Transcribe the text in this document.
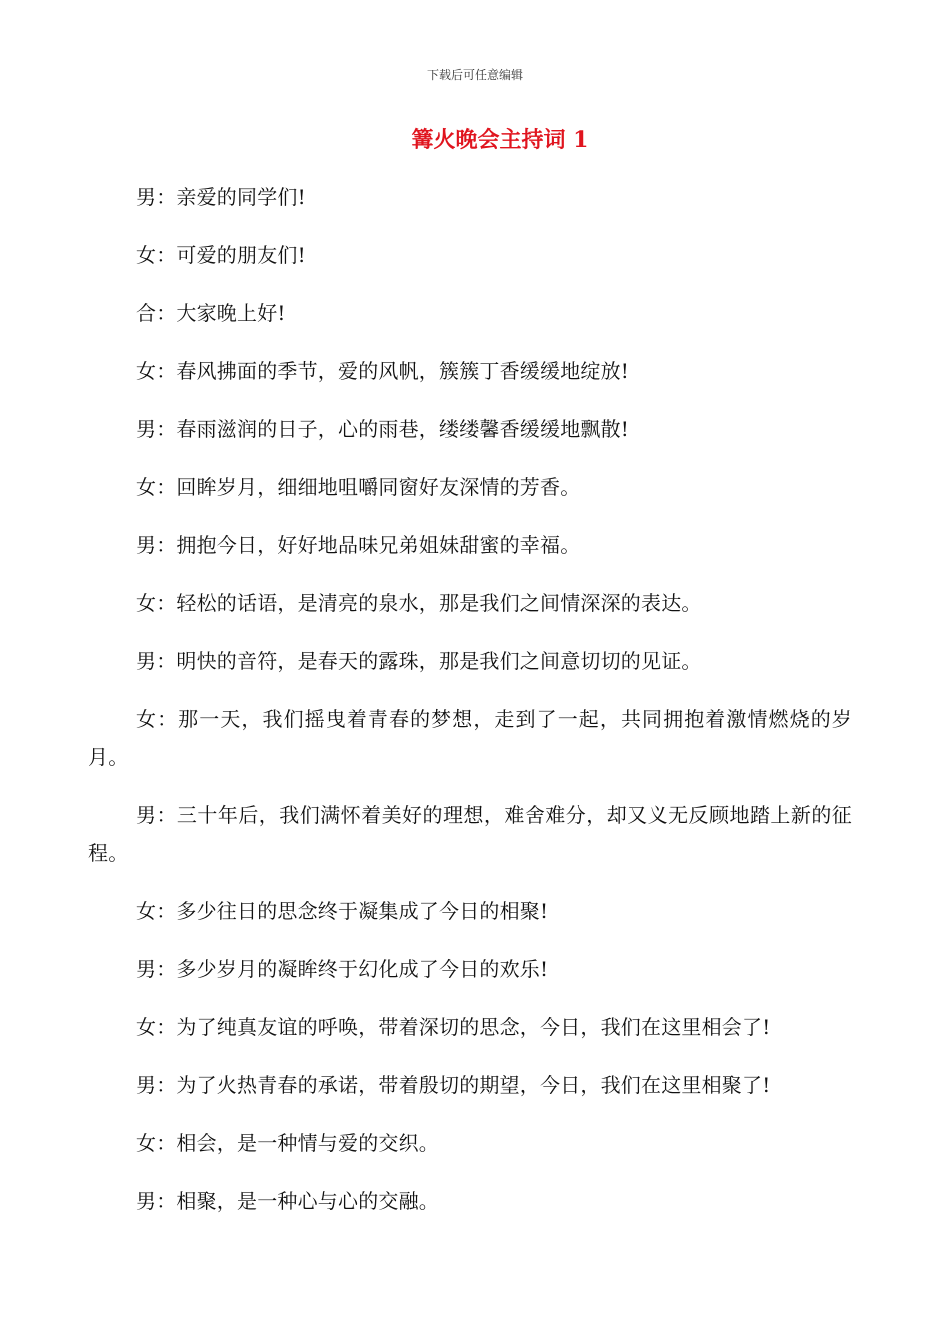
下载后可任意编辑
篝火晚会主持词 1

男：亲爱的同学们!

女：可爱的朋友们!

合：大家晚上好!

女：春风拂面的季节，爱的风帆，簇簇丁香缓缓地绽放!

男：春雨滋润的日子，心的雨巷，缕缕馨香缓缓地飘散!

女：回眸岁月，细细地咀嚼同窗好友深情的芳香。

男：拥抱今日，好好地品味兄弟姐妹甜蜜的幸福。

女：轻松的话语，是清亮的泉水，那是我们之间情深深的表达。

男：明快的音符，是春天的露珠，那是我们之间意切切的见证。

女：那一天，我们摇曳着青春的梦想，走到了一起，共同拥抱着激情燃烧的岁月。

男：三十年后，我们满怀着美好的理想，难舍难分，却又义无反顾地踏上新的征程。

女：多少往日的思念终于凝集成了今日的相聚!

男：多少岁月的凝眸终于幻化成了今日的欢乐!

女：为了纯真友谊的呼唤，带着深切的思念，今日，我们在这里相会了!

男：为了火热青春的承诺，带着殷切的期望，今日，我们在这里相聚了!

女：相会，是一种情与爱的交织。

男：相聚，是一种心与心的交融。
